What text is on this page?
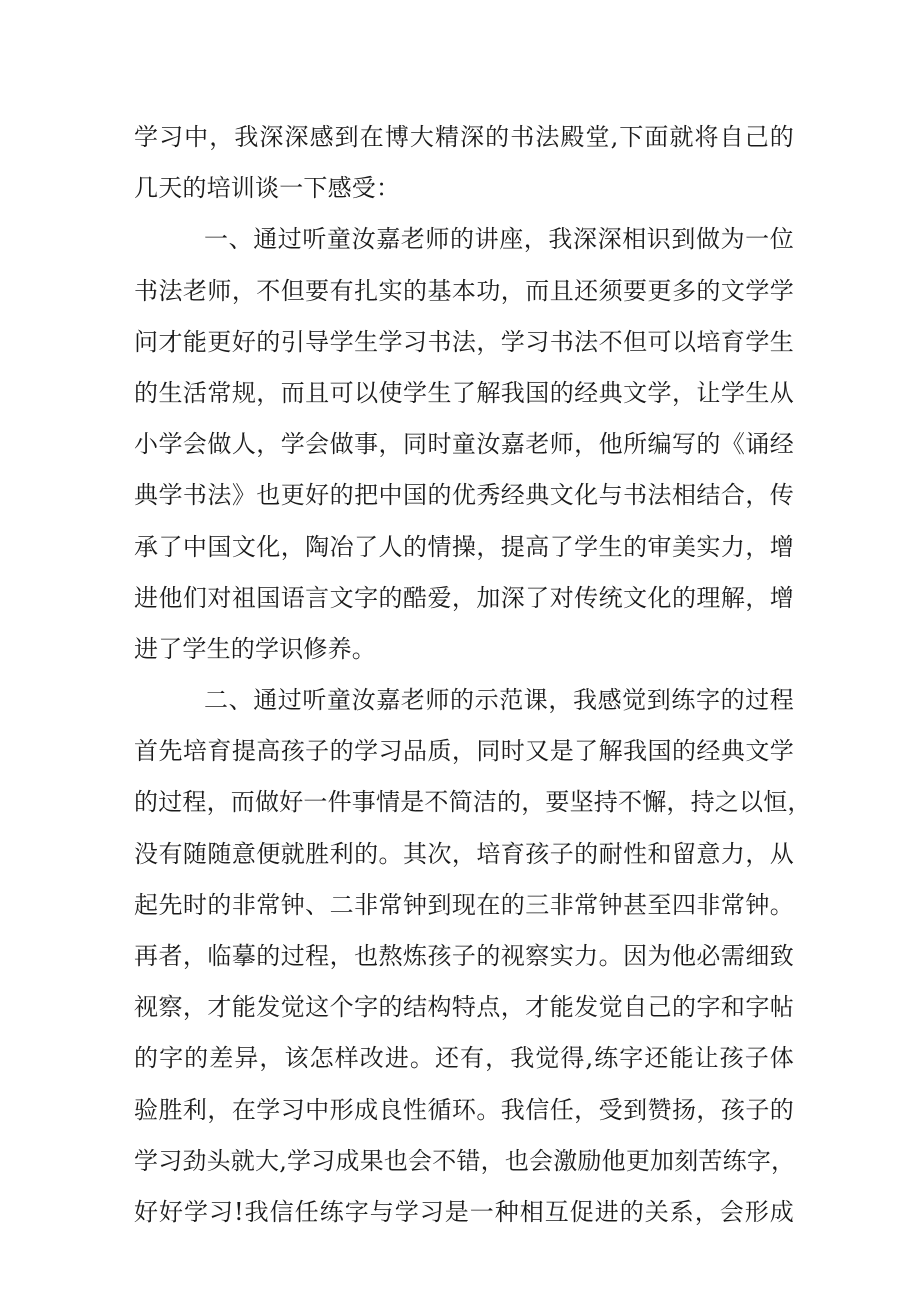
学习中，我深深感到在博大精深的书法殿堂,下面就将自己的
几天的培训谈一下感受：
一、通过听童汝嘉老师的讲座，我深深相识到做为一位
书法老师，不但要有扎实的基本功，而且还须要更多的文学学
问才能更好的引导学生学习书法，学习书法不但可以培育学生
的生活常规，而且可以使学生了解我国的经典文学，让学生从
小学会做人，学会做事，同时童汝嘉老师，他所编写的《诵经
典学书法》也更好的把中国的优秀经典文化与书法相结合，传
承了中国文化，陶冶了人的情操，提高了学生的审美实力，增
进他们对祖国语言文字的酷爱，加深了对传统文化的理解，增
进了学生的学识修养。
二、通过听童汝嘉老师的示范课，我感觉到练字的过程
首先培育提高孩子的学习品质，同时又是了解我国的经典文学
的过程，而做好一件事情是不简洁的，要坚持不懈，持之以恒，
没有随随意便就胜利的。其次，培育孩子的耐性和留意力，从
起先时的非常钟、二非常钟到现在的三非常钟甚至四非常钟。
再者，临摹的过程，也熬炼孩子的视察实力。因为他必需细致
视察，才能发觉这个字的结构特点，才能发觉自己的字和字帖
的字的差异，该怎样改进。还有，我觉得,练字还能让孩子体
验胜利，在学习中形成良性循环。我信任，受到赞扬，孩子的
学习劲头就大,学习成果也会不错，也会激励他更加刻苦练字，
好好学习!我信任练字与学习是一种相互促进的关系，会形成
